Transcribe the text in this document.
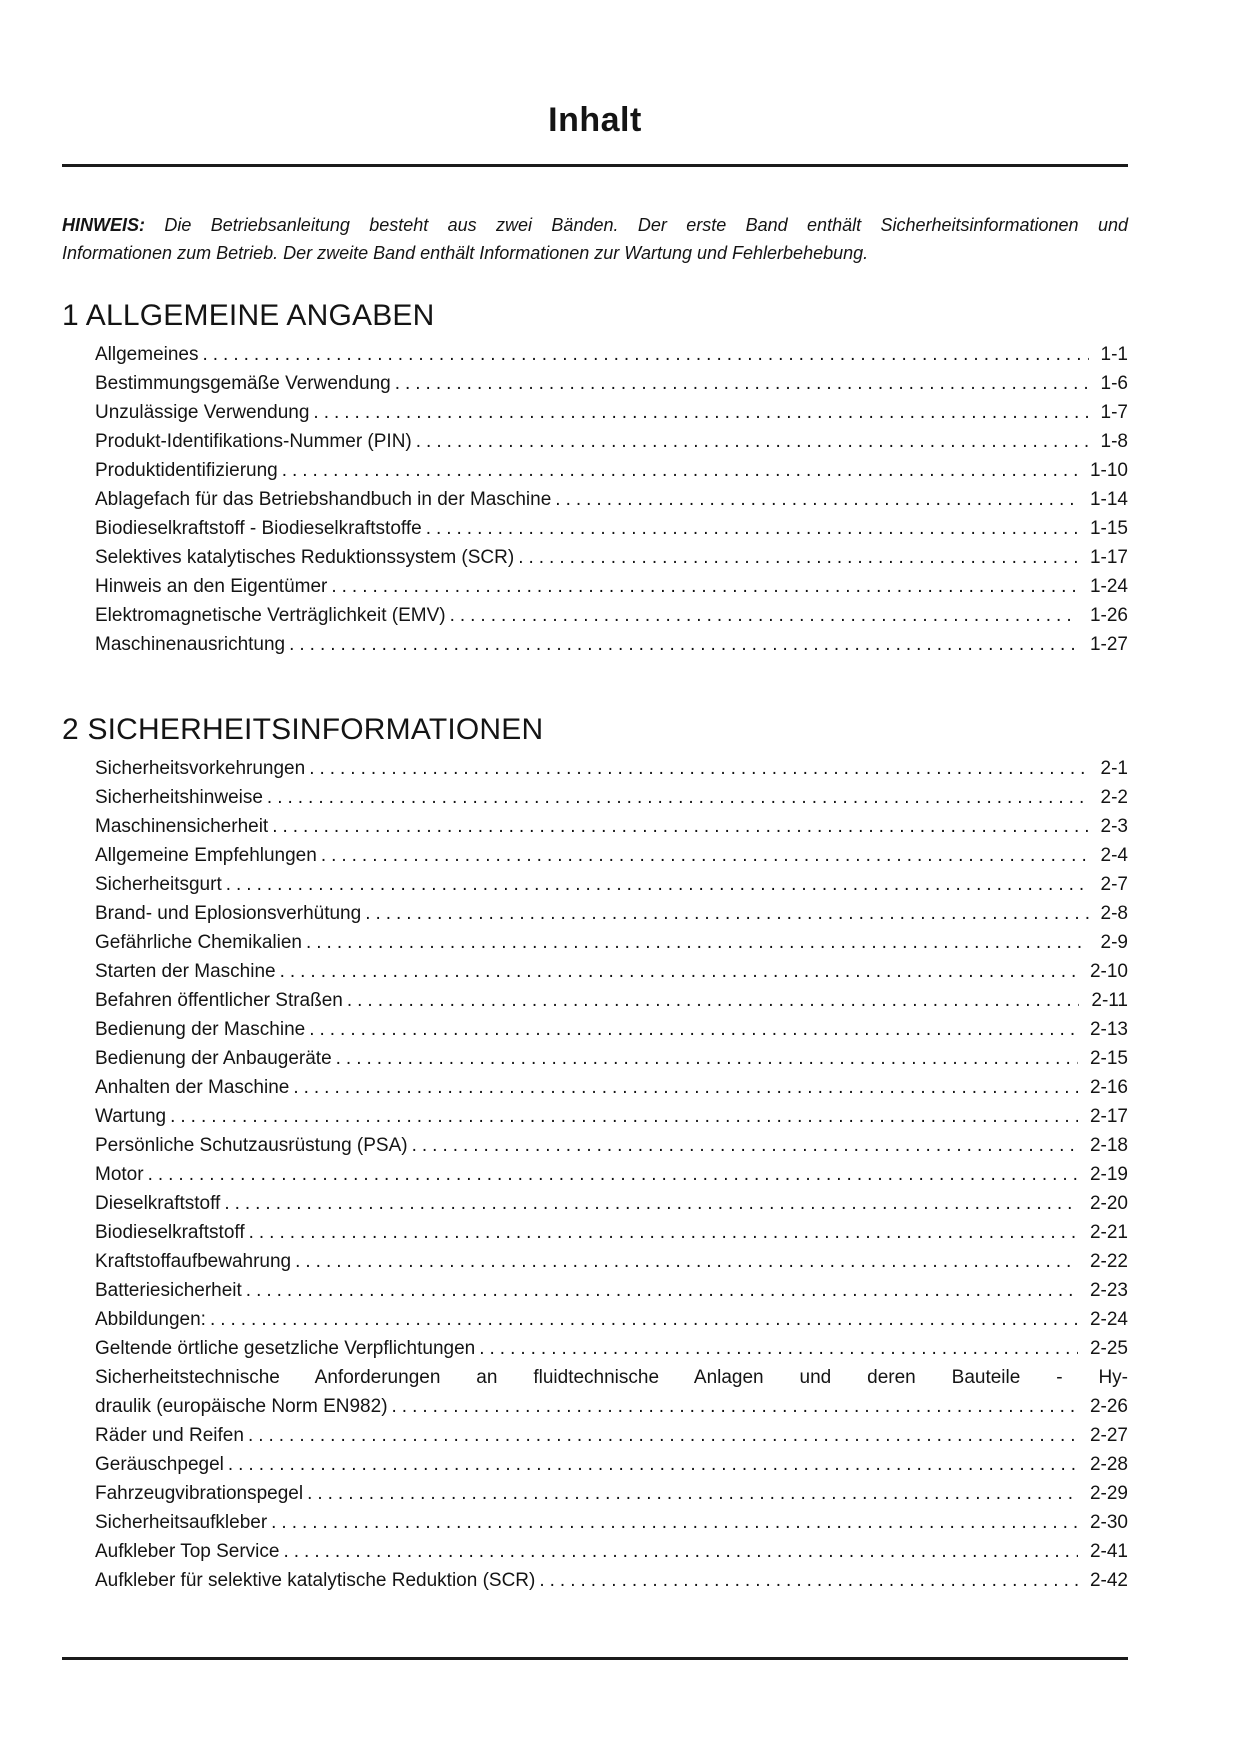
Inhalt

HINWEIS: Die Betriebsanleitung besteht aus zwei Bänden. Der erste Band enthält Sicherheitsinformationen und
Informationen zum Betrieb. Der zweite Band enthält Informationen zur Wartung und Fehlerbehebung.

1 ALLGEMEINE ANGABEN
Allgemeines .....	1-1
Bestimmungsgemäße Verwendung .....	1-6
Unzulässige Verwendung .....	1-7
Produkt-Identifikations-Nummer (PIN) .....	1-8
Produktidentifizierung .....	1-10
Ablagefach für das Betriebshandbuch in der Maschine .....	1-14
Biodieselkraftstoff - Biodieselkraftstoffe .....	1-15
Selektives katalytisches Reduktionssystem (SCR) .....	1-17
Hinweis an den Eigentümer .....	1-24
Elektromagnetische Verträglichkeit (EMV) .....	1-26
Maschinenausrichtung .....	1-27
2 SICHERHEITSINFORMATIONEN
Sicherheitsvorkehrungen .....	2-1
Sicherheitshinweise .....	2-2
Maschinensicherheit .....	2-3
Allgemeine Empfehlungen .....	2-4
Sicherheitsgurt .....	2-7
Brand- und Eplosionsverhütung .....	2-8
Gefährliche Chemikalien .....	2-9
Starten der Maschine .....	2-10
Befahren öffentlicher Straßen .....	2-11
Bedienung der Maschine .....	2-13
Bedienung der Anbaugeräte .....	2-15
Anhalten der Maschine .....	2-16
Wartung .....	2-17
Persönliche Schutzausrüstung (PSA) .....	2-18
Motor .....	2-19
Dieselkraftstoff .....	2-20
Biodieselkraftstoff .....	2-21
Kraftstoffaufbewahrung .....	2-22
Batteriesicherheit .....	2-23
Abbildungen: .....	2-24
Geltende örtliche gesetzliche Verpflichtungen .....	2-25
Sicherheitstechnische Anforderungen an fluidtechnische Anlagen und deren Bauteile - Hy-
draulik (europäische Norm EN982) .....	2-26
Räder und Reifen .....	2-27
Geräuschpegel .....	2-28
Fahrzeugvibrationspegel .....	2-29
Sicherheitsaufkleber .....	2-30
Aufkleber Top Service .....	2-41
Aufkleber für selektive katalytische Reduktion (SCR) .....	2-42
